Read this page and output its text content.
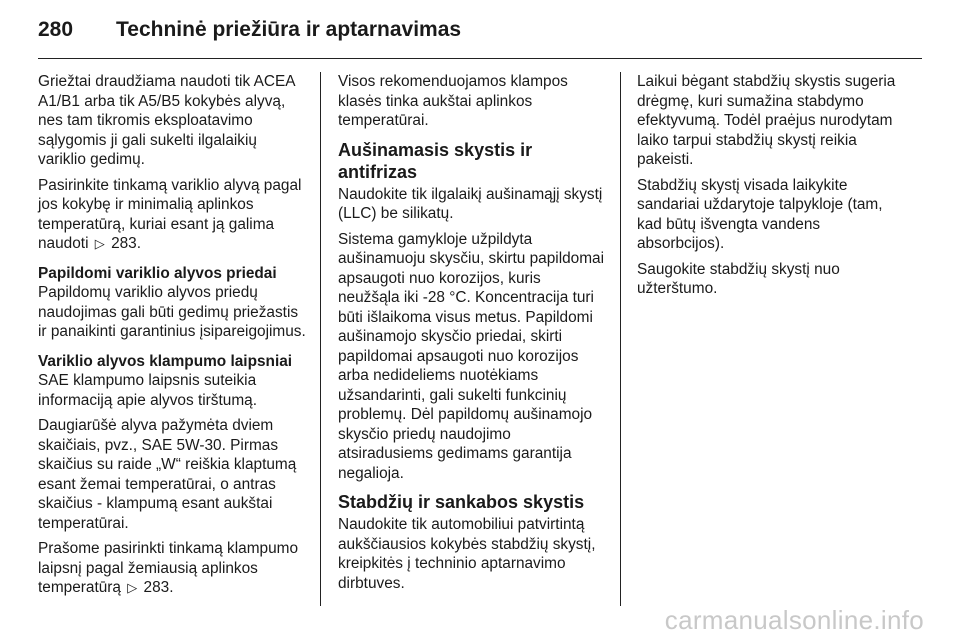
280	Techninė priežiūra ir aptarnavimas

Griežtai draudžiama naudoti tik ACEA A1/B1 arba tik A5/B5 kokybės alyvą, nes tam tikromis eksploatavimo sąlygomis ji gali sukelti ilgalaikių variklio gedimų.

Pasirinkite tinkamą variklio alyvą pagal jos kokybę ir minimalią aplinkos temperatūrą, kuriai esant ją galima naudoti ▷ 283.

Papildomi variklio alyvos priedai

Papildomų variklio alyvos priedų naudojimas gali būti gedimų priežastis ir panaikinti garantinius įsipareigojimus.

Variklio alyvos klampumo laipsniai

SAE klampumo laipsnis suteikia informaciją apie alyvos tirštumą.

Daugiarūšė alyva pažymėta dviem skaičiais, pvz., SAE 5W-30. Pirmas skaičius su raide „W“ reiškia klaptumą esant žemai temperatūrai, o antras skaičius - klampumą esant aukštai temperatūrai.

Prašome pasirinkti tinkamą klampumo laipsnį pagal žemiausią aplinkos temperatūrą ▷ 283.

Visos rekomenduojamos klampos klasės tinka aukštai aplinkos temperatūrai.

Aušinamasis skystis ir antifrizas

Naudokite tik ilgalaikį aušinamąjį skystį (LLC) be silikatų.

Sistema gamykloje užpildyta aušinamuoju skysčiu, skirtu papildomai apsaugoti nuo korozijos, kuris neužšąla iki -28 °C. Koncentracija turi būti išlaikoma visus metus. Papildomi aušinamojo skysčio priedai, skirti papildomai apsaugoti nuo korozijos arba nedideliems nuotėkiams užsandarinti, gali sukelti funkcinių problemų. Dėl papildomų aušinamojo skysčio priedų naudojimo atsiradusiems gedimams garantija negalioja.

Stabdžių ir sankabos skystis

Naudokite tik automobiliui patvirtintą aukščiausios kokybės stabdžių skystį, kreipkitės į techninio aptarnavimo dirbtuves.

Laikui bėgant stabdžių skystis sugeria drėgmę, kuri sumažina stabdymo efektyvumą. Todėl praėjus nurodytam laiko tarpui stabdžių skystį reikia pakeisti.

Stabdžių skystį visada laikykite sandariai uždarytoje talpykloje (tam, kad būtų išvengta vandens absorbcijos).

Saugokite stabdžių skystį nuo užterštumo.

carmanualsonline.info
